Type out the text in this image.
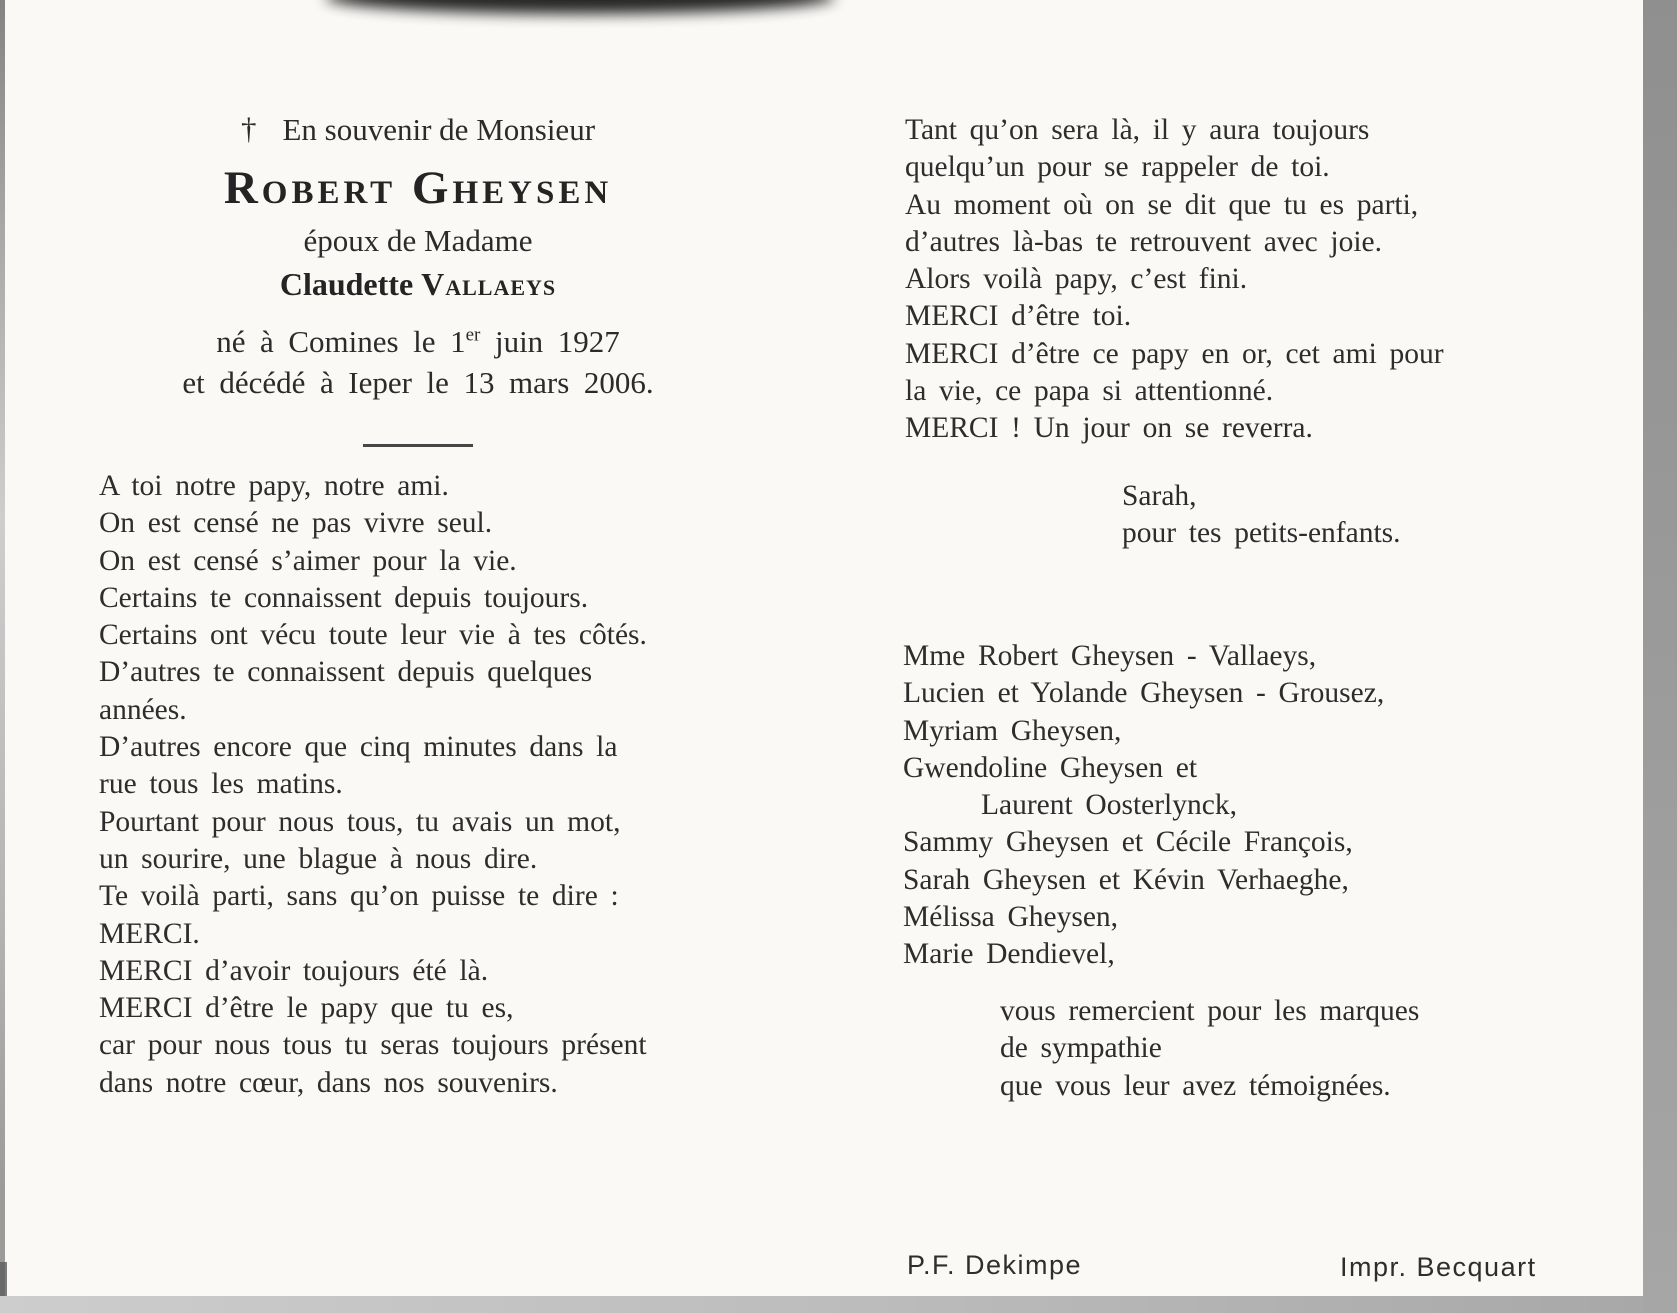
† En souvenir de Monsieur
Robert Gheysen
époux de Madame
Claudette Vallaeys
né à Comines le 1er juin 1927
et décédé à Ieper le 13 mars 2006.
A toi notre papy, notre ami.
On est censé ne pas vivre seul.
On est censé s’aimer pour la vie.
Certains te connaissent depuis toujours.
Certains ont vécu toute leur vie à tes côtés.
D’autres te connaissent depuis quelques
années.
D’autres encore que cinq minutes dans la
rue tous les matins.
Pourtant pour nous tous, tu avais un mot,
un sourire, une blague à nous dire.
Te voilà parti, sans qu’on puisse te dire :
MERCI.
MERCI d’avoir toujours été là.
MERCI d’être le papy que tu es,
car pour nous tous tu seras toujours présent
dans notre cœur, dans nos souvenirs.
Tant qu’on sera là, il y aura toujours
quelqu’un pour se rappeler de toi.
Au moment où on se dit que tu es parti,
d’autres là-bas te retrouvent avec joie.
Alors voilà papy, c’est fini.
MERCI d’être toi.
MERCI d’être ce papy en or, cet ami pour
la vie, ce papa si attentionné.
MERCI ! Un jour on se reverra.
Sarah,
pour tes petits-enfants.
Mme Robert Gheysen - Vallaeys,
Lucien et Yolande Gheysen - Grousez,
Myriam Gheysen,
Gwendoline Gheysen et
Laurent Oosterlynck,
Sammy Gheysen et Cécile François,
Sarah Gheysen et Kévin Verhaeghe,
Mélissa Gheysen,
Marie Dendievel,
vous remercient pour les marques
de sympathie
que vous leur avez témoignées.
P.F. Dekimpe	Impr. Becquart
